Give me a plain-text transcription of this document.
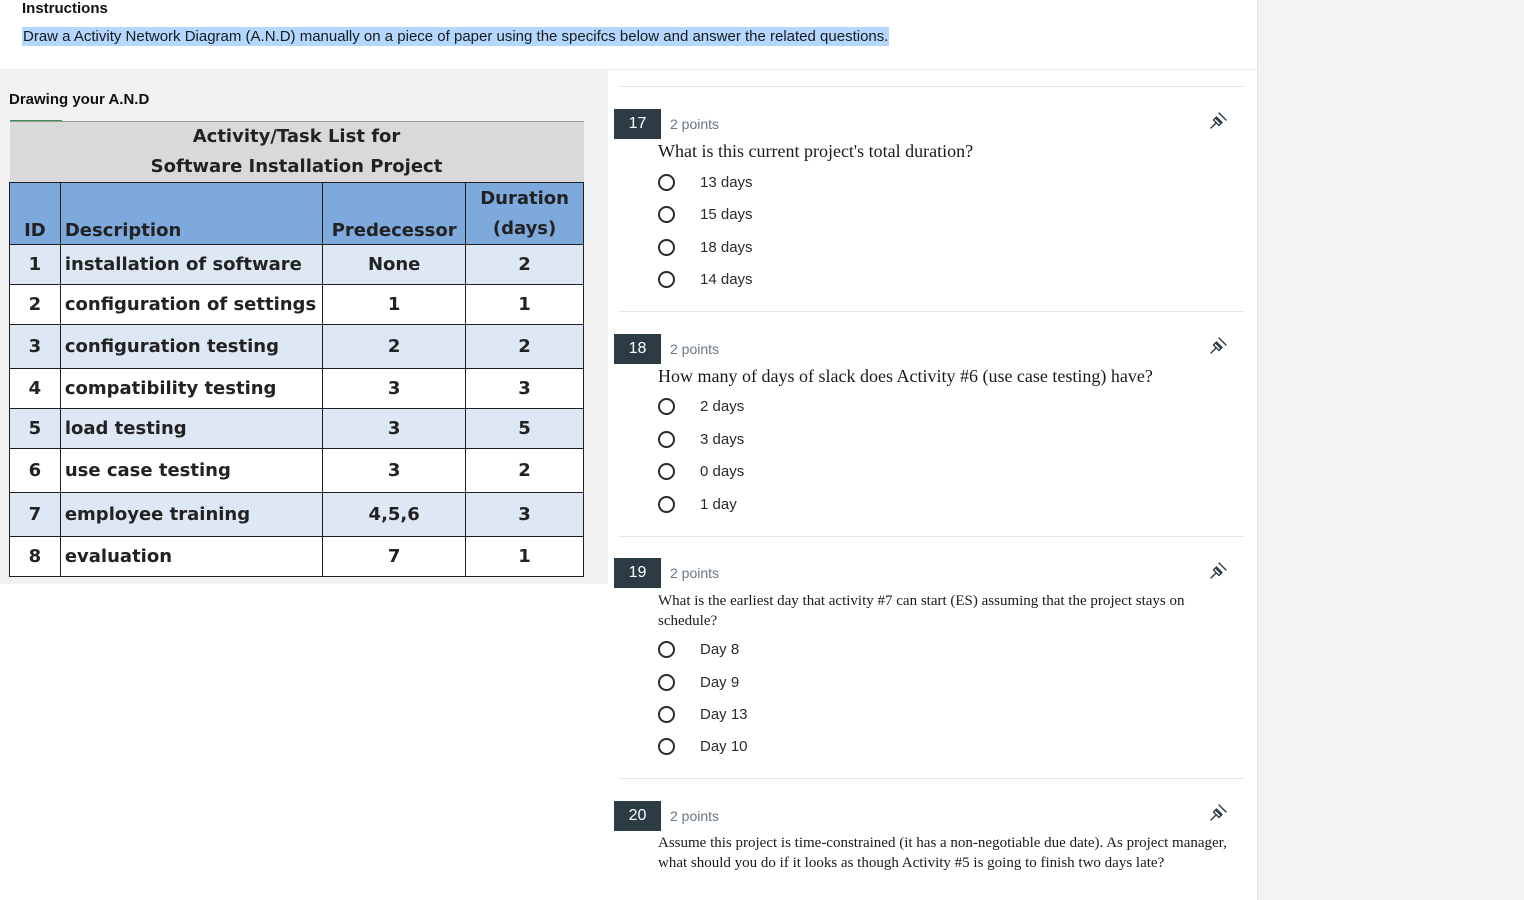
Instructions
Draw a Activity Network Diagram (A.N.D) manually on a piece of paper using the specifcs below and answer the related questions.
Drawing your A.N.D
Activity/Task List for
Software Installation Project			

ID	Description	Predecessor	Duration
(days)

1	installation of software	None	2
2	configuration of settings	1	1
3	configuration testing	2	2
4	compatibility testing	3	3
5	load testing	3	5
6	use case testing	3	2
7	employee training	4,5,6	3
8	evaluation	7	1
17	2 points
What is this current project's total duration?
13 days
15 days
18 days
14 days
18	2 points
How many of days of slack does Activity #6 (use case testing) have?
2 days
3 days
0 days
1 day
19	2 points
What is the earliest day that activity #7 can start (ES) assuming that the project stays on schedule?
Day 8
Day 9
Day 13
Day 10
20	2 points
Assume this project is time-constrained (it has a non-negotiable due date). As project manager, what should you do if it looks as though Activity #5 is going to finish two days late?
